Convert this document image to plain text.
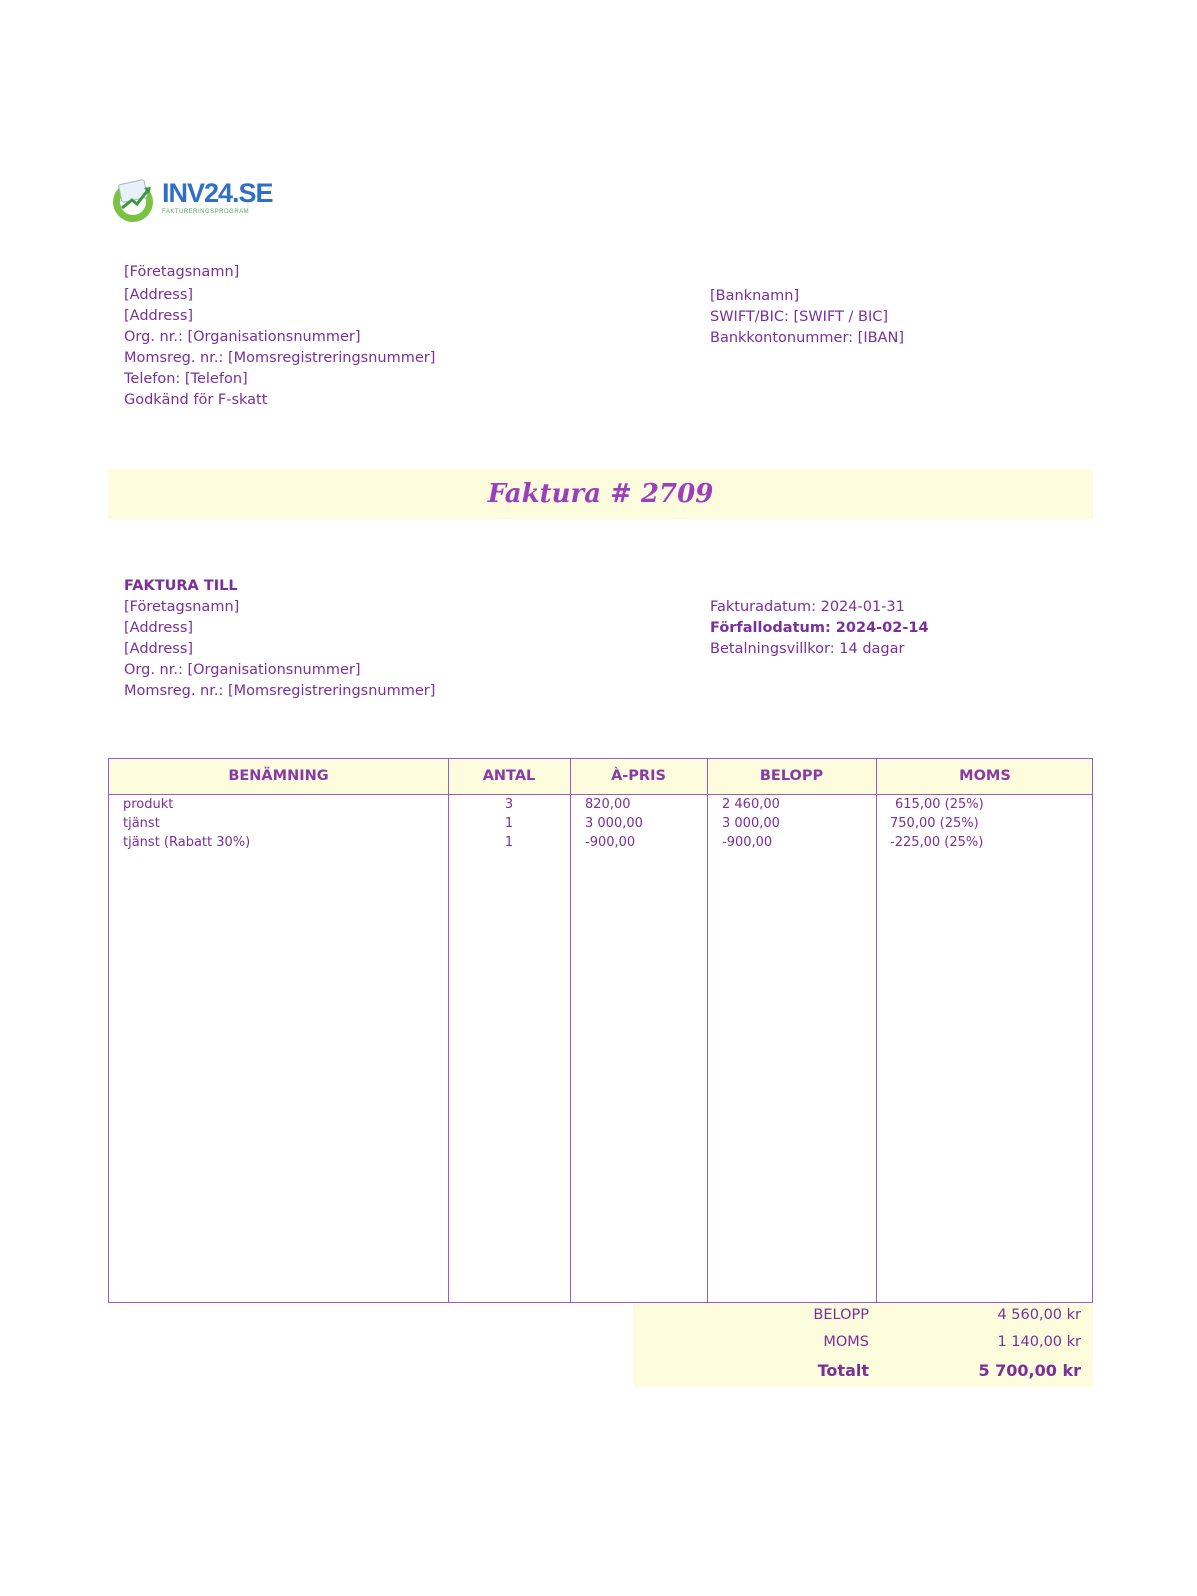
INV24.SE
FAKTURERINGSPROGRAM
[Företagsnamn]
[Address]
[Address]
Org. nr.: [Organisationsnummer]
Momsreg. nr.: [Momsregistreringsnummer]
Telefon: [Telefon]
Godkänd för F-skatt
[Banknamn]
SWIFT/BIC: [SWIFT / BIC]
Bankkontonummer: [IBAN]
Faktura # 2709
FAKTURA TILL
[Företagsnamn]
[Address]
[Address]
Org. nr.: [Organisationsnummer]
Momsreg. nr.: [Momsregistreringsnummer]
Fakturadatum: 2024-01-31
Förfallodatum: 2024-02-14
Betalningsvillkor: 14 dagar
BENÄMNING	ANTAL	À-PRIS	BELOPP	MOMS
produkt	3	820,00	2 460,00	615,00 (25%)
tjänst	1	3 000,00	3 000,00	750,00 (25%)
tjänst (Rabatt 30%)	1	-900,00	-900,00	-225,00 (25%)
BELOPP	4 560,00 kr
MOMS	1 140,00 kr
Totalt	5 700,00 kr
